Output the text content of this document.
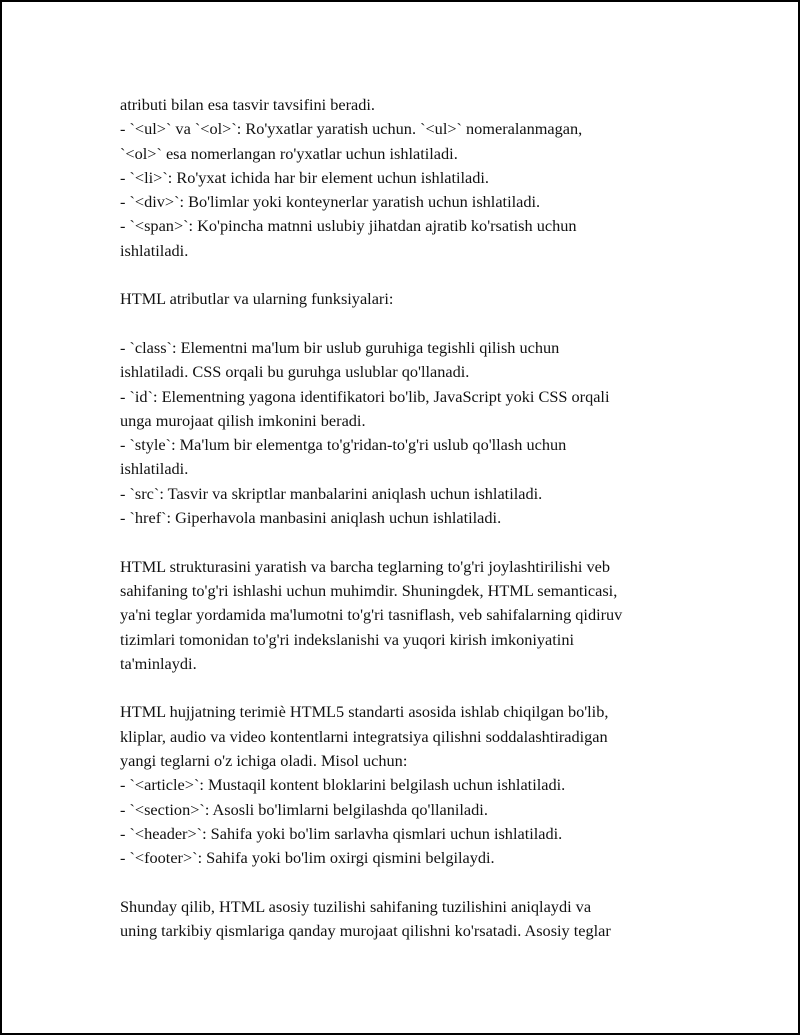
atributi bilan esa tasvir tavsifini beradi.
- `<ul>` va `<ol>`: Ro'yxatlar yaratish uchun. `<ul>` nomeralanmagan,
`<ol>` esa nomerlangan ro'yxatlar uchun ishlatiladi.
- `<li>`: Ro'yxat ichida har bir element uchun ishlatiladi.
- `<div>`: Bo'limlar yoki konteynerlar yaratish uchun ishlatiladi.
- `<span>`: Ko'pincha matnni uslubiy jihatdan ajratib ko'rsatish uchun
ishlatiladi.
HTML atributlar va ularning funksiyalari:
- `class`: Elementni ma'lum bir uslub guruhiga tegishli qilish uchun
ishlatiladi. CSS orqali bu guruhga uslublar qo'llanadi.
- `id`: Elementning yagona identifikatori bo'lib, JavaScript yoki CSS orqali
unga murojaat qilish imkonini beradi.
- `style`: Ma'lum bir elementga to'g'ridan-to'g'ri uslub qo'llash uchun
ishlatiladi.
- `src`: Tasvir va skriptlar manbalarini aniqlash uchun ishlatiladi.
- `href`: Giperhavola manbasini aniqlash uchun ishlatiladi.
HTML strukturasini yaratish va barcha teglarning to'g'ri joylashtirilishi veb
sahifaning to'g'ri ishlashi uchun muhimdir. Shuningdek, HTML semanticasi,
ya'ni teglar yordamida ma'lumotni to'g'ri tasniflash, veb sahifalarning qidiruv
tizimlari tomonidan to'g'ri indekslanishi va yuqori kirish imkoniyatini
ta'minlaydi.
HTML hujjatning terimiè HTML5 standarti asosida ishlab chiqilgan bo'lib,
kliplar, audio va video kontentlarni integratsiya qilishni soddalashtiradigan
yangi teglarni o'z ichiga oladi. Misol uchun:
- `<article>`: Mustaqil kontent bloklarini belgilash uchun ishlatiladi.
- `<section>`: Asosli bo'limlarni belgilashda qo'llaniladi.
- `<header>`: Sahifa yoki bo'lim sarlavha qismlari uchun ishlatiladi.
- `<footer>`: Sahifa yoki bo'lim oxirgi qismini belgilaydi.
Shunday qilib, HTML asosiy tuzilishi sahifaning tuzilishini aniqlaydi va
uning tarkibiy qismlariga qanday murojaat qilishni ko'rsatadi. Asosiy teglar
